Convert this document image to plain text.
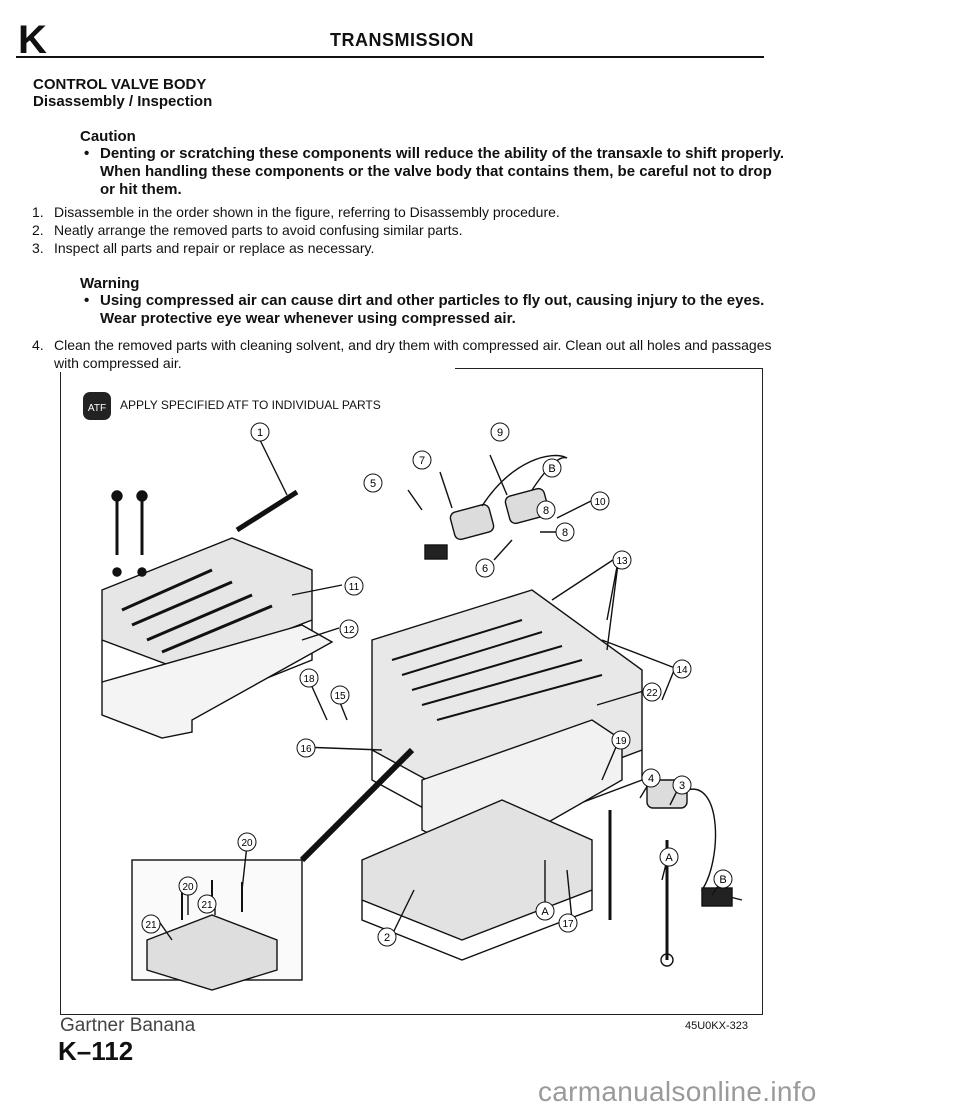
K	TRANSMISSION
CONTROL VALVE BODY
Disassembly / Inspection
Caution
• Denting or scratching these components will reduce the ability of the transaxle to shift properly. When handling these components or the valve body that contains them, be careful not to drop or hit them.
1. Disassemble in the order shown in the figure, referring to Disassembly procedure.
2. Neatly arrange the removed parts to avoid confusing similar parts.
3. Inspect all parts and repair or replace as necessary.
Warning
• Using compressed air can cause dirt and other particles to fly out, causing injury to the eyes. Wear protective eye wear whenever using compressed air.
4. Clean the removed parts with cleaning solvent, and dry them with compressed air. Clean out all holes and passages with compressed air.
ATF	APPLY SPECIFIED ATF TO INDIVIDUAL PARTS
1	9
7
5
B
10
8
8
6
13
11
12
14
18
15	22
16
19
4
3
20
A
20
B
21
A
21	17
2
Gartner Banana	45U0KX-323
K–112
carmanualsonline.info
